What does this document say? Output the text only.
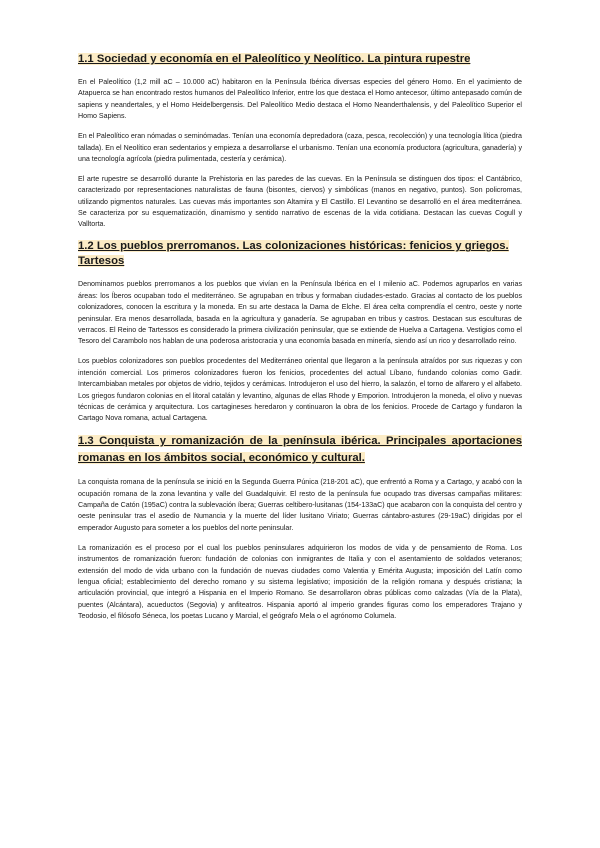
1.1 Sociedad y economía en el Paleolítico y Neolítico. La pintura rupestre

En el Paleolítico (1,2 mill aC – 10.000 aC) habitaron en la Península Ibérica diversas especies del género Homo. En el yacimiento de Atapuerca se han encontrado restos humanos del Paleolítico Inferior, entre los que destaca el Homo antecesor, último antepasado común de sapiens y neandertales, y el Homo Heidelbergensis. Del Paleolítico Medio destaca el Homo Neanderthalensis, y del Paleolítico Superior el Homo Sapiens.

En el Paleolítico eran nómadas o seminómadas. Tenían una economía depredadora (caza, pesca, recolección) y una tecnología lítica (piedra tallada). En el Neolítico eran sedentarios y empieza a desarrollarse el urbanismo. Tenían una economía productora (agricultura, ganadería) y una tecnología agrícola (piedra pulimentada, cestería y cerámica).

El arte rupestre se desarrolló durante la Prehistoria en las paredes de las cuevas. En la Península se distinguen dos tipos: el Cantábrico, caracterizado por representaciones naturalistas de fauna (bisontes, ciervos) y simbólicas (manos en negativo, puntos). Son policromas, utilizando pigmentos naturales. Las cuevas más importantes son Altamira y El Castillo. El Levantino se desarrolló en el área mediterránea. Se caracteriza por su esquematización, dinamismo y sentido narrativo de escenas de la vida cotidiana. Destacan las cuevas Cogull y Valltorta.

1.2 Los pueblos prerromanos. Las colonizaciones históricas: fenicios y griegos. Tartesos

Denominamos pueblos prerromanos a los pueblos que vivían en la Península Ibérica en el I milenio aC. Podemos agruparlos en varias áreas: los Íberos ocupaban todo el mediterráneo. Se agrupaban en tribus y formaban ciudades-estado. Gracias al contacto de los pueblos colonizadores, conocen la escritura y la moneda. En su arte destaca la Dama de Elche. El área celta comprendía el centro, oeste y norte peninsular. Era menos desarrollada, basada en la agricultura y ganadería. Se agrupaban en tribus y castros. Destacan sus esculturas de verracos. El Reino de Tartessos es considerado la primera civilización peninsular, que se extiende de Huelva a Cartagena. Vestigios como el Tesoro del Carambolo nos hablan de una poderosa aristocracia y una economía basada en minería, siendo así un rico y desarrollado reino.

Los pueblos colonizadores son pueblos procedentes del Mediterráneo oriental que llegaron a la península atraídos por sus riquezas y con intención comercial. Los primeros colonizadores fueron los fenicios, procedentes del actual Líbano, fundando colonias como Gadir. Intercambiaban metales por objetos de vidrio, tejidos y cerámicas. Introdujeron el uso del hierro, la salazón, el torno de alfarero y el alfabeto. Los griegos fundaron colonias en el litoral catalán y levantino, algunas de ellas Rhode y Emporion. Introdujeron la moneda, el olivo y nuevas técnicas de cerámica y arquitectura. Los cartagineses heredaron y continuaron la obra de los fenicios. Procede de Cartago y fundaron la Cartago Nova romana, actual Cartagena.

1.3 Conquista y romanización de la península ibérica. Principales aportaciones romanas en los ámbitos social, económico y cultural.

La conquista romana de la península se inició en la Segunda Guerra Púnica (218-201 aC), que enfrentó a Roma y a Cartago, y acabó con la ocupación romana de la zona levantina y valle del Guadalquivir. El resto de la península fue ocupado tras diversas campañas militares: Campaña de Catón (195aC) contra la sublevación íbera; Guerras celtibero-lusitanas (154-133aC) que acabaron con la conquista del centro y oeste peninsular tras el asedio de Numancia y la muerte del líder lusitano Viriato; Guerras cántabro-astures (29-19aC) dirigidas por el emperador Augusto para someter a los pueblos del norte peninsular.

La romanización es el proceso por el cual los pueblos peninsulares adquirieron los modos de vida y de pensamiento de Roma. Los instrumentos de romanización fueron: fundación de colonias con inmigrantes de Italia y con el asentamiento de soldados veteranos; extensión del modo de vida urbano con la fundación de nuevas ciudades como Valentia y Emérita Augusta; imposición del Latín como lengua oficial; establecimiento del derecho romano y su sistema legislativo; imposición de la religión romana y después cristiana; la articulación provincial, que integró a Hispania en el Imperio Romano. Se desarrollaron obras públicas como calzadas (Vía de la Plata), puentes (Alcántara), acueductos (Segovia) y anfiteatros. Hispania aportó al imperio grandes figuras como los emperadores Trajano y Teodosio, el filósofo Séneca, los poetas Lucano y Marcial, el geógrafo Mela o el agrónomo Columela.
